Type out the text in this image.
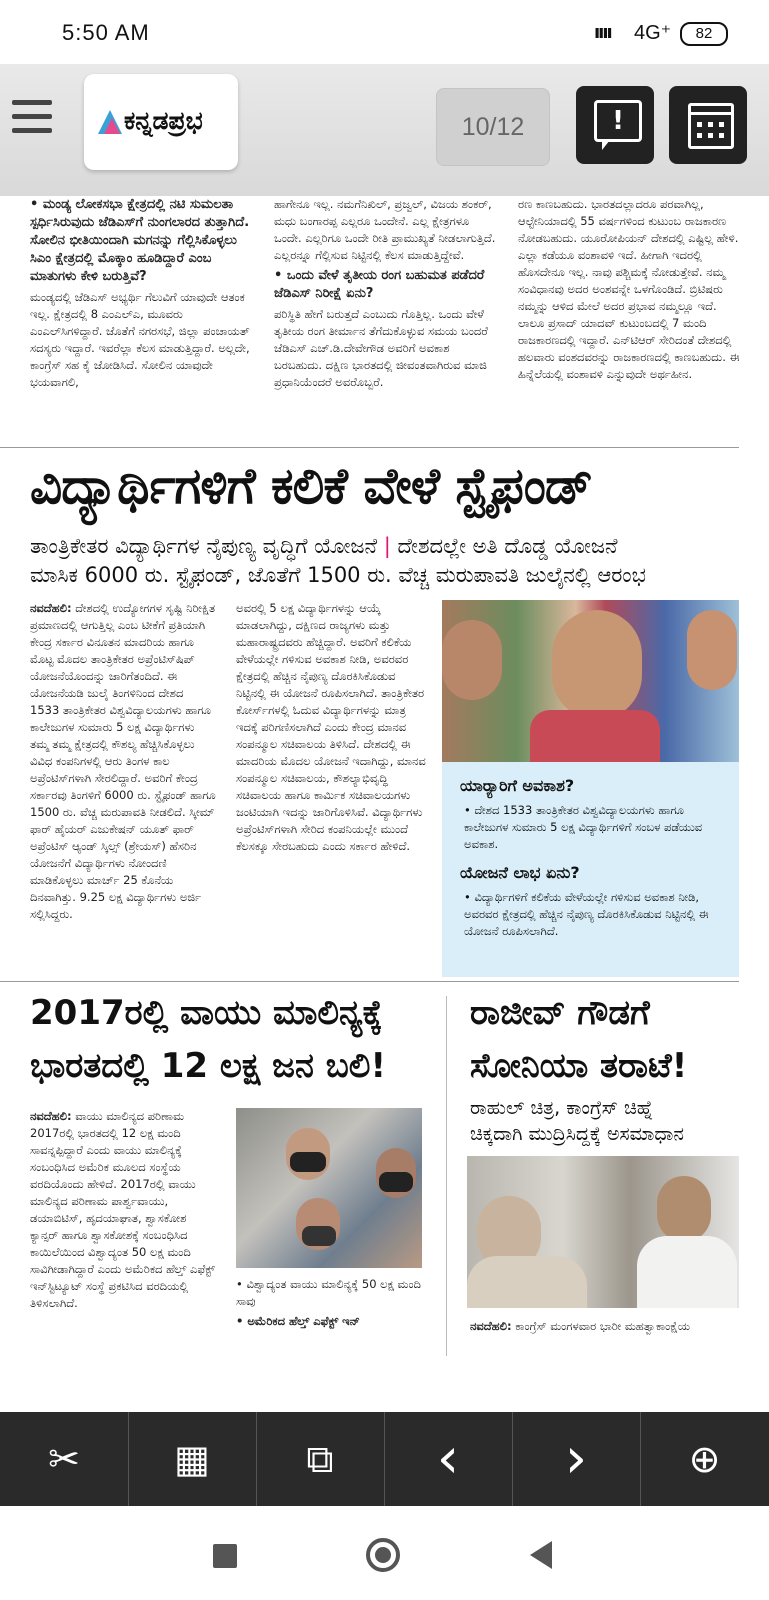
5:50 AM	ıııı 4G⁺	82
ಕನ್ನಡಪ್ರಭ	10/12	!

• ಮಂಡ್ಯ ಲೋಕಸಭಾ ಕ್ಷೇತ್ರದಲ್ಲಿ ನಟಿ ಸುಮಲತಾ ಸ್ಪರ್ಧಿಸಿರುವುದು ಜೆಡಿಎಸ್‌ಗೆ ನುಂಗಲಾರದ ತುತ್ತಾಗಿದೆ. ಸೋಲಿನ ಭೀತಿಯಿಂದಾಗಿ ಮಗನನ್ನು ಗೆಲ್ಲಿಸಿಕೊಳ್ಳಲು ಸಿಎಂ ಕ್ಷೇತ್ರದಲ್ಲಿ ಮೊಕ್ಕಾಂ ಹೂಡಿದ್ದಾರೆ ಎಂಬ ಮಾತುಗಳು ಕೇಳಿ ಬರುತ್ತಿವೆ?

ಮಂಡ್ಯದಲ್ಲಿ ಜೆಡಿಎಸ್ ಅಭ್ಯರ್ಥಿ ಗೆಲುವಿಗೆ ಯಾವುದೇ ಆತಂಕ ಇಲ್ಲ. ಕ್ಷೇತ್ರದಲ್ಲಿ 8 ಎಂಎಲ್‌ಎ, ಮೂವರು ಎಂಎಲ್‌ಸಿಗಳಿದ್ದಾರೆ. ಜೊತೆಗೆ ನಗರಸಭೆ, ಜಿಲ್ಲಾ ಪಂಚಾಯತ್ ಸದಸ್ಯರು ಇದ್ದಾರೆ. ಇವರೆಲ್ಲಾ ಕೆಲಸ ಮಾಡುತ್ತಿದ್ದಾರೆ. ಅಲ್ಲದೇ, ಕಾಂಗ್ರೆಸ್ ಸಹ ಕೈ ಜೋಡಿಸಿದೆ. ಸೋಲಿನ ಯಾವುದೇ ಭಯವಾಗಲಿ,

ಹಾಗೇನೂ ಇಲ್ಲ. ನಮಗೆನಿಖಿಲ್, ಪ್ರಜ್ವಲ್, ವಿಜಯ ಶಂಕರ್, ಮಧು ಬಂಗಾರಪ್ಪ ಎಲ್ಲರೂ ಒಂದೇನೆ. ಎಲ್ಲ ಕ್ಷೇತ್ರಗಳೂ ಒಂದೇ. ಎಲ್ಲರಿಗೂ ಒಂದೇ ರೀತಿ ಪ್ರಾಮುಖ್ಯತೆ ನೀಡಲಾಗುತ್ತಿದೆ. ಎಲ್ಲರನ್ನೂ ಗೆಲ್ಲಿಸುವ ನಿಟ್ಟಿನಲ್ಲಿ ಕೆಲಸ ಮಾಡುತ್ತಿದ್ದೇವೆ.

• ಒಂದು ವೇಳೆ ತೃತೀಯ ರಂಗ ಬಹುಮತ ಪಡೆದರೆ ಜೆಡಿಎಸ್ ನಿರೀಕ್ಷೆ ಏನು?

ಪರಿಸ್ಥಿತಿ ಹೇಗೆ ಬರುತ್ತದೆ ಎಂಬುದು ಗೊತ್ತಿಲ್ಲ. ಒಂದು ವೇಳೆ ತೃತೀಯ ರಂಗ ತೀರ್ಮಾನ ತೆಗೆದುಕೊಳ್ಳುವ ಸಮಯ ಬಂದರೆ ಜೆಡಿಎಸ್ ಎಚ್.ಡಿ.ದೇವೇಗೌಡ ಅವರಿಗೆ ಅವಕಾಶ ಬರಬಹುದು. ದಕ್ಷಿಣ ಭಾರತದಲ್ಲಿ ಜೀವಂತವಾಗಿರುವ ಮಾಜಿ ಪ್ರಧಾನಿಯೆಂದರೆ ಅವರೊಬ್ಬರೆ.

ರಣ ಕಾಣಬಹುದು. ಭಾರತದಲ್ಲಾದರೂ ಪರವಾಗಿಲ್ಲ, ಆಲ್ಟೇನಿಯಾದಲ್ಲಿ 55 ವರ್ಷಗಳಿಂದ ಕುಟುಂಬ ರಾಜಕಾರಣ ನೋಡಬಹುದು. ಯೂರೋಪಿಯನ್ ದೇಶದಲ್ಲಿ ಎಷ್ಟಿಲ್ಲ ಹೇಳಿ. ಎಲ್ಲಾ ಕಡೆಯೂ ವಂಶಾವಳಿ ಇದೆ. ಹೀಗಾಗಿ ಇದರಲ್ಲಿ ಹೊಸದೇನೂ ಇಲ್ಲ. ನಾವು ಪಶ್ಚಿಮಕ್ಕೆ ನೋಡುತ್ತೇವೆ. ನಮ್ಮ ಸಂವಿಧಾನವು ಅದರ ಅಂಶವನ್ನೇ ಒಳಗೊಂಡಿದೆ. ಬ್ರಿಟಿಷರು ನಮ್ಮನ್ನು ಆಳಿದ ಮೇಲೆ ಅದರ ಪ್ರಭಾವ ನಮ್ಮಲ್ಲೂ ಇದೆ. ಲಾಲೂ ಪ್ರಸಾದ್ ಯಾದವ್ ಕುಟುಂಬದಲ್ಲಿ 7 ಮಂದಿ ರಾಜಕಾರಣದಲ್ಲಿ ಇದ್ದಾರೆ. ಎನ್‌ಟಿಆರ್ ಸೇರಿದಂತೆ ದೇಶದಲ್ಲಿ ಹಲವಾರು ವಂಶದವರನ್ನು ರಾಜಕಾರಣದಲ್ಲಿ ಕಾಣಬಹುದು. ಈ ಹಿನ್ನೆಲೆಯಲ್ಲಿ ವಂಶಾವಳಿ ಎನ್ನುವುದೇ ಅರ್ಥಹೀನ.

ವಿದ್ಯಾರ್ಥಿಗಳಿಗೆ ಕಲಿಕೆ ವೇಳೆ ಸ್ಟೈಫಂಡ್
ತಾಂತ್ರಿಕೇತರ ವಿದ್ಯಾರ್ಥಿಗಳ ನೈಪುಣ್ಯ ವೃದ್ಧಿಗೆ ಯೋಜನೆ | ದೇಶದಲ್ಲೇ ಅತಿ ದೊಡ್ಡ ಯೋಜನೆ
ಮಾಸಿಕ 6000 ರು. ಸ್ಟೈಫಂಡ್, ಜೊತೆಗೆ 1500 ರು. ವೆಚ್ಚ ಮರುಪಾವತಿ ಜುಲೈನಲ್ಲಿ ಆರಂಭ

ನವದೆಹಲಿ: ದೇಶದಲ್ಲಿ ಉದ್ಯೋಗಗಳ ಸೃಷ್ಟಿ ನಿರೀಕ್ಷಿತ ಪ್ರಮಾಣದಲ್ಲಿ ಆಗುತ್ತಿಲ್ಲ ಎಂಬ ಟೀಕೆಗೆ ಪ್ರತಿಯಾಗಿ ಕೇಂದ್ರ ಸರ್ಕಾರ ವಿನೂತನ ಮಾದರಿಯ ಹಾಗೂ ಮೊಟ್ಟ ಮೊದಲ ತಾಂತ್ರಿಕೇತರ ಅಪ್ರೆಂಟಿಸ್‌ಷಿಪ್ ಯೋಜನೆಯೊಂದನ್ನು ಜಾರಿಗೆತಂದಿದೆ. ಈ ಯೋಜನೆಯಡಿ ಜುಲೈ ತಿಂಗಳಿನಿಂದ ದೇಶದ 1533 ತಾಂತ್ರಿಕೇತರ ವಿಶ್ವವಿದ್ಯಾಲಯಗಳು ಹಾಗೂ ಕಾಲೇಜುಗಳ ಸುಮಾರು 5 ಲಕ್ಷ ವಿದ್ಯಾರ್ಥಿಗಳು ತಮ್ಮ ತಮ್ಮ ಕ್ಷೇತ್ರದಲ್ಲಿ ಕೌಶಲ್ಯ ಹೆಚ್ಚಿಸಿಕೊಳ್ಳಲು ವಿವಿಧ ಕಂಪನಿಗಳಲ್ಲಿ ಆರು ತಿಂಗಳ ಕಾಲ ಅಪ್ರೆಂಟಿಸ್‌ಗಳಾಗಿ ಸೇರಲಿದ್ದಾರೆ. ಅವರಿಗೆ ಕೇಂದ್ರ ಸರ್ಕಾರವು ತಿಂಗಳಿಗೆ 6000 ರು. ಸ್ಟೈಫಂಡ್ ಹಾಗೂ 1500 ರು. ವೆಚ್ಚ ಮರುಪಾವತಿ ನೀಡಲಿದೆ. ಸ್ಕೀಮ್ ಫಾರ್ ಹೈಯರ್ ಎಜುಕೇಷನ್ ಯೂತ್ ಫಾರ್ ಅಪ್ರೆಂಟಿಸ್ ಆ್ಯಂಡ್ ಸ್ಕಿಲ್ಸ್ (ಶ್ರೇಯಸ್) ಹೆಸರಿನ ಯೋಜನೆಗೆ ವಿದ್ಯಾರ್ಥಿಗಳು ನೋಂದಣಿ ಮಾಡಿಕೊಳ್ಳಲು ಮಾರ್ಚ್ 25 ಕೊನೆಯ ದಿನವಾಗಿತ್ತು. 9.25 ಲಕ್ಷ ವಿದ್ಯಾರ್ಥಿಗಳು ಅರ್ಜಿ ಸಲ್ಲಿಸಿದ್ದರು.

ಅವರಲ್ಲಿ 5 ಲಕ್ಷ ವಿದ್ಯಾರ್ಥಿಗಳನ್ನು ಆಯ್ಕೆ ಮಾಡಲಾಗಿದ್ದು, ದಕ್ಷಿಣದ ರಾಜ್ಯಗಳು ಮತ್ತು ಮಹಾರಾಷ್ಟ್ರದವರು ಹೆಚ್ಚಿದ್ದಾರೆ. ಅವರಿಗೆ ಕಲಿಕೆಯ ವೇಳೆಯಲ್ಲೇ ಗಳಿಸುವ ಅವಕಾಶ ನೀಡಿ, ಅವರವರ ಕ್ಷೇತ್ರದಲ್ಲಿ ಹೆಚ್ಚಿನ ನೈಪುಣ್ಯ ದೊರಕಿಸಿಕೊಡುವ ನಿಟ್ಟಿನಲ್ಲಿ ಈ ಯೋಜನೆ ರೂಪಿಸಲಾಗಿದೆ. ತಾಂತ್ರಿಕೇತರ ಕೋರ್ಸ್‌ಗಳಲ್ಲಿ ಓದುವ ವಿದ್ಯಾರ್ಥಿಗಳನ್ನು ಮಾತ್ರ ಇದಕ್ಕೆ ಪರಿಗಣಿಸಲಾಗಿದೆ ಎಂದು ಕೇಂದ್ರ ಮಾನವ ಸಂಪನ್ಮೂಲ ಸಚಿವಾಲಯ ತಿಳಿಸಿದೆ. ದೇಶದಲ್ಲಿ ಈ ಮಾದರಿಯ ಮೊದಲ ಯೋಜನೆ ಇದಾಗಿದ್ದು, ಮಾನವ ಸಂಪನ್ಮೂಲ ಸಚಿವಾಲಯ, ಕೌಶಲ್ಯಾಭಿವೃದ್ಧಿ ಸಚಿವಾಲಯ ಹಾಗೂ ಕಾರ್ಮಿಕ ಸಚಿವಾಲಯಗಳು ಜಂಟಿಯಾಗಿ ಇದನ್ನು ಜಾರಿಗೊಳಿಸಿವೆ. ವಿದ್ಯಾರ್ಥಿಗಳು ಅಪ್ರೆಂಟಿಸ್‌ಗಳಾಗಿ ಸೇರಿದ ಕಂಪನಿಯಲ್ಲೇ ಮುಂದೆ ಕೆಲಸಕ್ಕೂ ಸೇರಬಹುದು ಎಂದು ಸರ್ಕಾರ ಹೇಳಿದೆ.

ಯಾರ್‍ಯಾರಿಗೆ ಅವಕಾಶ?
• ದೇಶದ 1533 ತಾಂತ್ರಿಕೇತರ ವಿಶ್ವವಿದ್ಯಾಲಯಗಳು ಹಾಗೂ ಕಾಲೇಜುಗಳ ಸುಮಾರು 5 ಲಕ್ಷ ವಿದ್ಯಾರ್ಥಿಗಳಿಗೆ ಸಂಬಳ ಪಡೆಯುವ ಅವಕಾಶ.
ಯೋಜನೆ ಲಾಭ ಏನು?
• ವಿದ್ಯಾರ್ಥಿಗಳಿಗೆ ಕಲಿಕೆಯ ವೇಳೆಯಲ್ಲೇ ಗಳಿಸುವ ಅವಕಾಶ ನೀಡಿ, ಅವರವರ ಕ್ಷೇತ್ರದಲ್ಲಿ ಹೆಚ್ಚಿನ ನೈಪುಣ್ಯ ದೊರಕಿಸಿಕೊಡುವ ನಿಟ್ಟಿನಲ್ಲಿ ಈ ಯೋಜನೆ ರೂಪಿಸಲಾಗಿದೆ.
2017ರಲ್ಲಿ ವಾಯು ಮಾಲಿನ್ಯಕ್ಕೆ
ಭಾರತದಲ್ಲಿ 12 ಲಕ್ಷ ಜನ ಬಲಿ!

ನವದೆಹಲಿ: ವಾಯು ಮಾಲಿನ್ಯದ ಪರಿಣಾಮ 2017ರಲ್ಲಿ ಭಾರತದಲ್ಲಿ 12 ಲಕ್ಷ ಮಂದಿ ಸಾವನ್ನಪ್ಪಿದ್ದಾರೆ ಎಂದು ವಾಯು ಮಾಲಿನ್ಯಕ್ಕೆ ಸಂಬಂಧಿಸಿದ ಅಮೆರಿಕ ಮೂಲದ ಸಂಸ್ಥೆಯ ವರದಿಯೊಂದು ಹೇಳಿದೆ. 2017ರಲ್ಲಿ ವಾಯು ಮಾಲಿನ್ಯದ ಪರಿಣಾಮ ಪಾರ್ಶ್ವವಾಯು, ಡಯಾಬಿಟಿಸ್, ಹೃದಯಾಘಾತ, ಶ್ವಾಸಕೋಶ ಕ್ಯಾನ್ಸರ್ ಹಾಗೂ ಶ್ವಾಸಕೋಶಕ್ಕೆ ಸಂಬಂಧಿಸಿದ ಕಾಯಿಲೆಯಿಂದ ವಿಶ್ವಾದ್ಯಂತ 50 ಲಕ್ಷ ಮಂದಿ ಸಾವಿಗೀಡಾಗಿದ್ದಾರೆ ಎಂದು ಅಮೆರಿಕದ ಹೆಲ್ತ್ ಎಫೆಕ್ಟ್ ಇನ್‌ಸ್ಟಿಟ್ಯೂಟ್ ಸಂಸ್ಥೆ ಪ್ರಕಟಿಸಿದ ವರದಿಯಲ್ಲಿ ತಿಳಿಸಲಾಗಿದೆ.

• ವಿಶ್ವಾದ್ಯಂತ ವಾಯು ಮಾಲಿನ್ಯಕ್ಕೆ 50 ಲಕ್ಷ ಮಂದಿ ಸಾವು

• ಅಮೆರಿಕದ ಹೆಲ್ತ್ ಎಫೆಕ್ಟ್ ಇನ್

ರಾಜೀವ್ ಗೌಡಗೆ
ಸೋನಿಯಾ ತರಾಟೆ!
ರಾಹುಲ್ ಚಿತ್ರ, ಕಾಂಗ್ರೆಸ್ ಚಿಹ್ನೆ
ಚಿಕ್ಕದಾಗಿ ಮುದ್ರಿಸಿದ್ದಕ್ಕೆ ಅಸಮಾಧಾನ

ನವದೆಹಲಿ: ಕಾಂಗ್ರೆಸ್ ಮಂಗಳವಾರ ಭಾರೀ ಮಹತ್ವಾಕಾಂಕ್ಷೆಯ

✂	▦	⧉	‹	›	⊕
